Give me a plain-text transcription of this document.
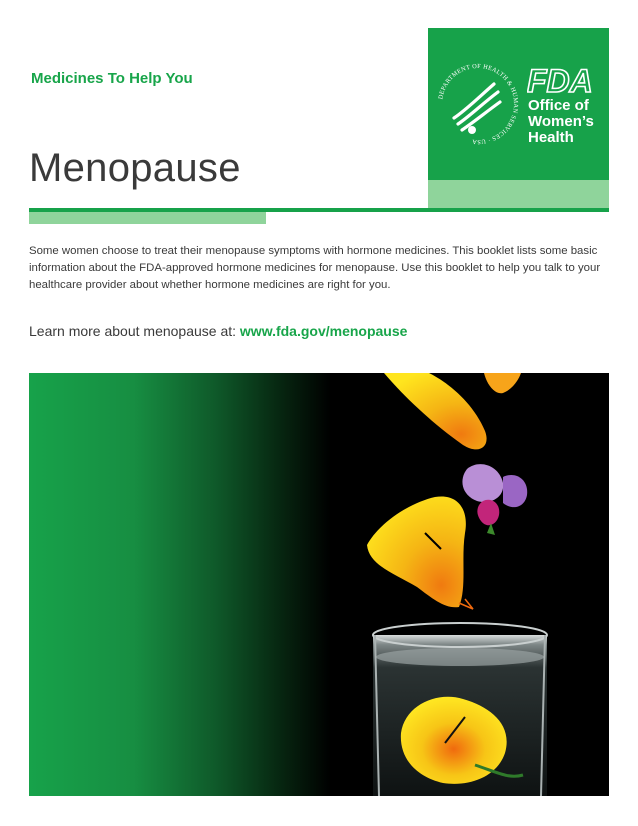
Medicines To Help You
Menopause
DEPARTMENT OF HEALTH & HUMAN SERVICES · USA
FDA
Office of
Women’s
Health

Some women choose to treat their menopause symptoms with hormone medicines. This booklet lists some basic information about the FDA-approved hormone medicines for menopause. Use this booklet to help you talk to your healthcare provider about whether hormone medicines are right for you.

Learn more about menopause at: www.fda.gov/menopause
